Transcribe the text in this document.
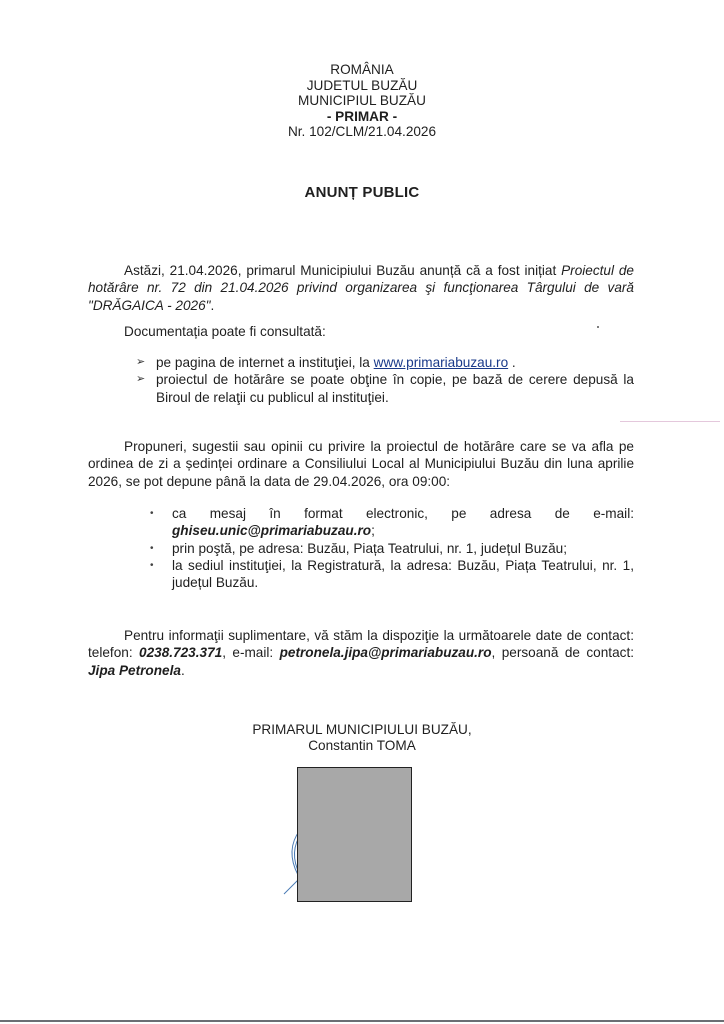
ROMÂNIA
JUDETUL BUZĂU
MUNICIPIUL BUZĂU
- PRIMAR -
Nr. 102/CLM/21.04.2026
ANUNȚ PUBLIC
Astăzi, 21.04.2026, primarul Municipiului Buzău anunță că a fost inițiat Proiectul de hotărâre nr. 72 din 21.04.2026 privind organizarea şi funcţionarea Târgului de vară "DRĂGAICA - 2026".
Documentația poate fi consultată:
➢ pe pagina de internet a instituţiei, la www.primariabuzau.ro .
➢ proiectul de hotărâre se poate obţine în copie, pe bază de cerere depusă la Biroul de relaţii cu publicul al instituţiei.
Propuneri, sugestii sau opinii cu privire la proiectul de hotărâre care se va afla pe ordinea de zi a ședinței ordinare a Consiliului Local al Municipiului Buzău din luna aprilie 2026, se pot depune până la data de 29.04.2026, ora 09:00:
• ca mesaj în format electronic, pe adresa de e-mail:
ghiseu.unic@primariabuzau.ro;
• prin poştă, pe adresa: Buzău, Piața Teatrului, nr. 1, județul Buzău;
• la sediul instituţiei, la Registratură, la adresa: Buzău, Piața Teatrului, nr. 1, județul Buzău.
Pentru informaţii suplimentare, vă stăm la dispoziţie la următoarele date de contact: telefon: 0238.723.371, e-mail: petronela.jipa@primariabuzau.ro, persoană de contact: Jipa Petronela.
PRIMARUL MUNICIPIULUI BUZĂU,
Constantin TOMA
